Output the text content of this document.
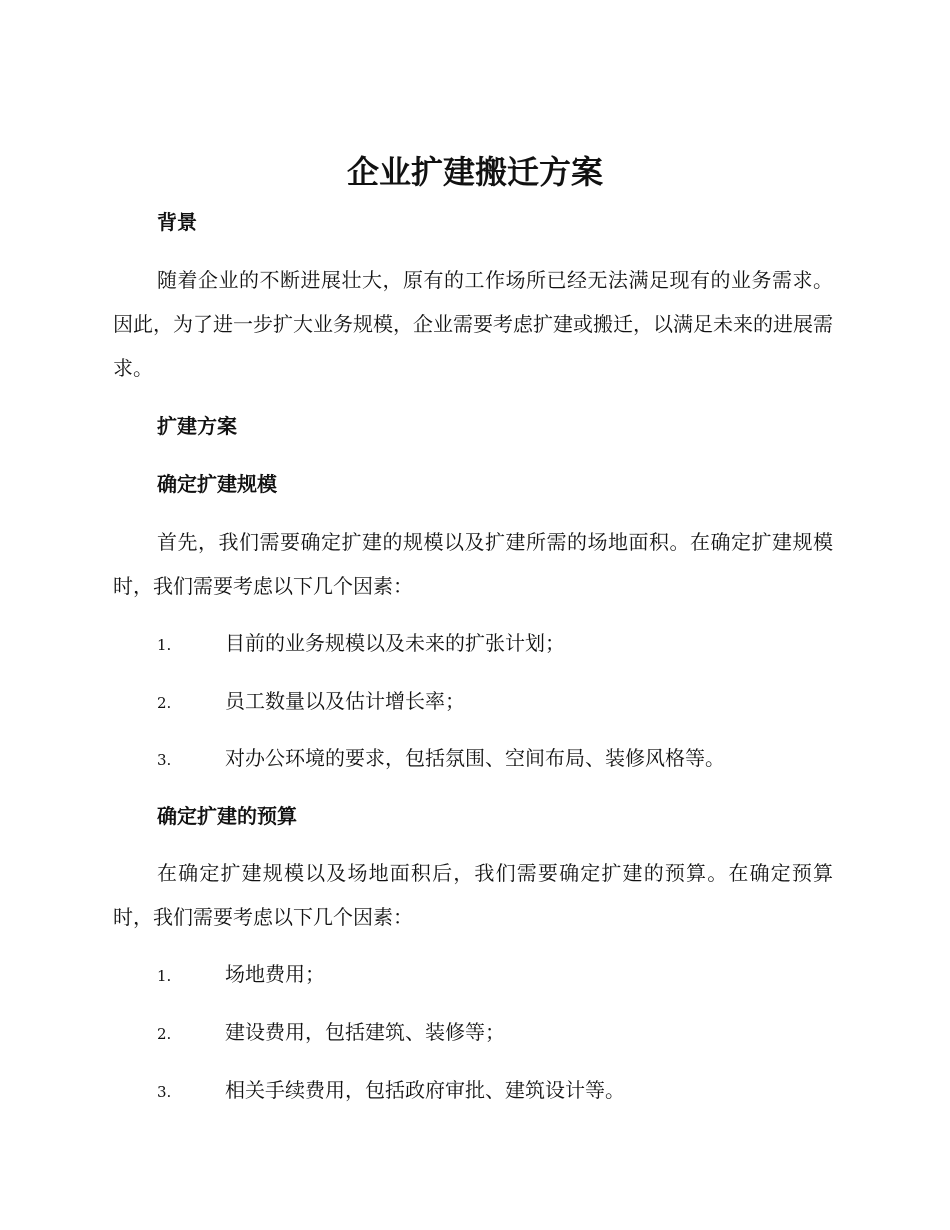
企业扩建搬迁方案
背景

随着企业的不断进展壮大，原有的工作场所已经无法满足现有的业务需求。因此，为了进一步扩大业务规模，企业需要考虑扩建或搬迁，以满足未来的进展需求。

扩建方案
确定扩建规模

首先，我们需要确定扩建的规模以及扩建所需的场地面积。在确定扩建规模时，我们需要考虑以下几个因素：

1.	目前的业务规模以及未来的扩张计划；
2.	员工数量以及估计增长率；
3.	对办公环境的要求，包括氛围、空间布局、装修风格等。
确定扩建的预算

在确定扩建规模以及场地面积后，我们需要确定扩建的预算。在确定预算时，我们需要考虑以下几个因素：

1.	场地费用；
2.	建设费用，包括建筑、装修等；
3.	相关手续费用，包括政府审批、建筑设计等。
